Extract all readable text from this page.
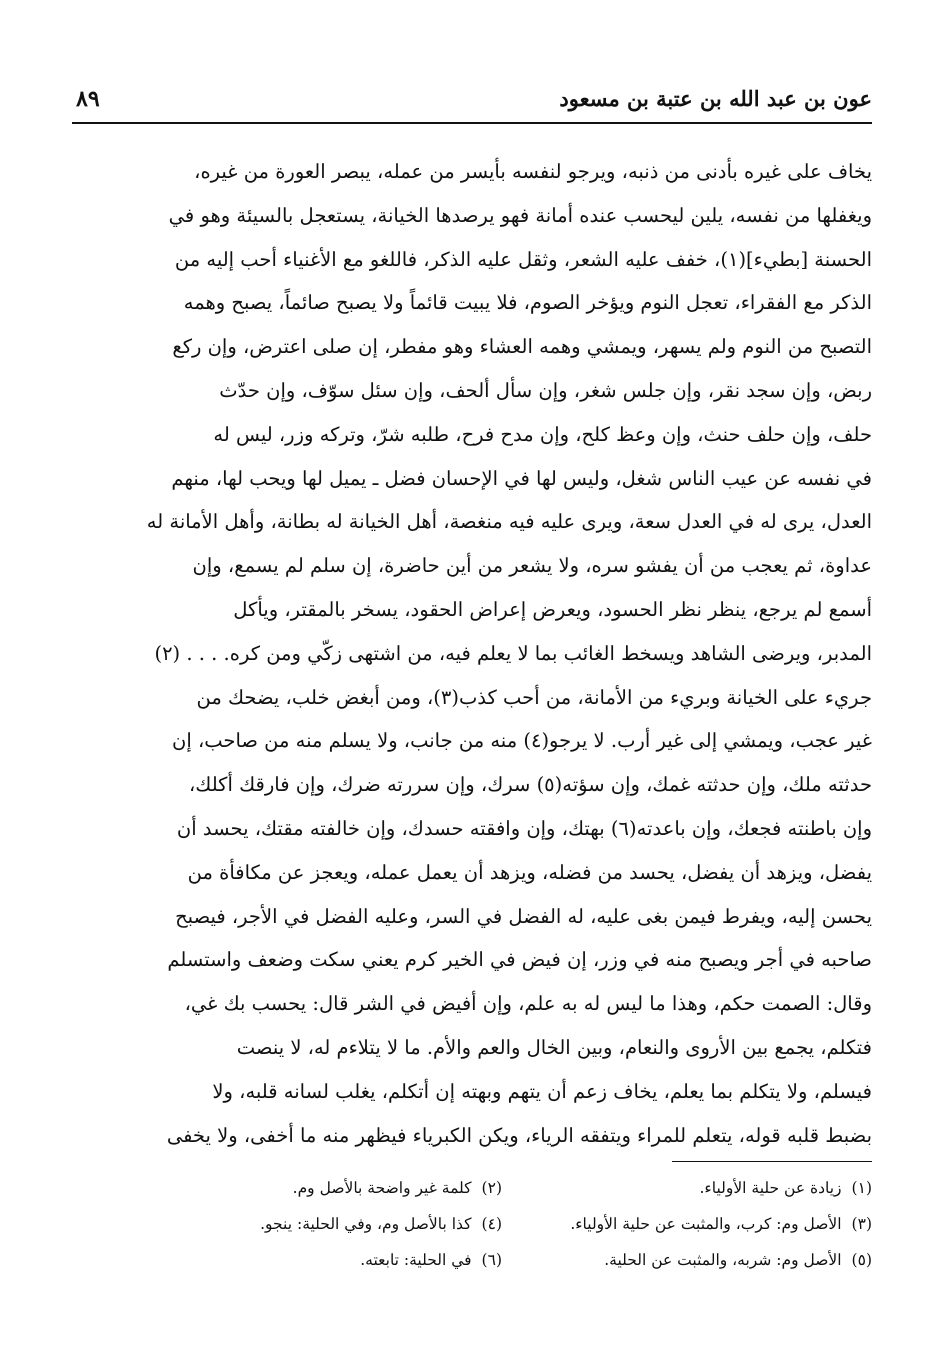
عون بن عبد الله بن عتبة بن مسعود
٨٩
يخاف على غيره بأدنى من ذنبه، ويرجو لنفسه بأيسر من عمله، يبصر العورة من غيره،
ويغفلها من نفسه، يلين ليحسب عنده أمانة فهو يرصدها الخيانة، يستعجل بالسيئة وهو في
الحسنة [بطيء](١)، خفف عليه الشعر، وثقل عليه الذكر، فاللغو مع الأغنياء أحب إليه من
الذكر مع الفقراء، تعجل النوم ويؤخر الصوم، فلا يبيت قائماً ولا يصبح صائماً، يصبح وهمه
التصبح من النوم ولم يسهر، ويمشي وهمه العشاء وهو مفطر، إن صلى اعترض، وإن ركع
ربض، وإن سجد نقر، وإن جلس شغر، وإن سأل ألحف، وإن سئل سوّف، وإن حدّث
حلف، وإن حلف حنث، وإن وعظ كلح، وإن مدح فرح، طلبه شرّ، وتركه وزر، ليس له
في نفسه عن عيب الناس شغل، وليس لها في الإحسان فضل ـ يميل لها ويحب لها، منهم
العدل، يرى له في العدل سعة، ويرى عليه فيه منغصة، أهل الخيانة له بطانة، وأهل الأمانة له
عداوة، ثم يعجب من أن يفشو سره، ولا يشعر من أين حاضرة، إن سلم لم يسمع، وإن
أسمع لم يرجع، ينظر نظر الحسود، ويعرض إعراض الحقود، يسخر بالمقتر، ويأكل
المدبر، ويرضى الشاهد ويسخط الغائب بما لا يعلم فيه، من اشتهى زكّي ومن كره. . . . (٢)
جريء على الخيانة وبريء من الأمانة، من أحب كذب(٣)، ومن أبغض خلب، يضحك من
غير عجب، ويمشي إلى غير أرب. لا يرجو(٤) منه من جانب، ولا يسلم منه من صاحب، إن
حدثته ملك، وإن حدثته غمك، وإن سؤته(٥) سرك، وإن سررته ضرك، وإن فارقك أكلك،
وإن باطنته فجعك، وإن باعدته(٦) بهتك، وإن وافقته حسدك، وإن خالفته مقتك، يحسد أن
يفضل، ويزهد أن يفضل، يحسد من فضله، ويزهد أن يعمل عمله، ويعجز عن مكافأة من
يحسن إليه، ويفرط فيمن بغى عليه، له الفضل في السر، وعليه الفضل في الأجر، فيصبح
صاحبه في أجر ويصبح منه في وزر، إن فيض في الخير كرم يعني سكت وضعف واستسلم
وقال: الصمت حكم، وهذا ما ليس له به علم، وإن أفيض في الشر قال: يحسب بك غي،
فتكلم، يجمع بين الأروى والنعام، وبين الخال والعم والأم. ما لا يتلاءم له، لا ينصت
فيسلم، ولا يتكلم بما يعلم، يخاف زعم أن يتهم وبهته إن أتكلم، يغلب لسانه قلبه، ولا
بضبط قلبه قوله، يتعلم للمراء ويتفقه الرياء، ويكن الكبرياء فيظهر منه ما أخفى، ولا يخفى
(١)زيادة عن حلية الأولياء.
(٣)الأصل وم: كرب، والمثبت عن حلية الأولياء.
(٥)الأصل وم: شربه، والمثبت عن الحلية.
(٢)كلمة غير واضحة بالأصل وم.
(٤)كذا بالأصل وم، وفي الحلية: ينجو.
(٦)في الحلية: تابعته.
